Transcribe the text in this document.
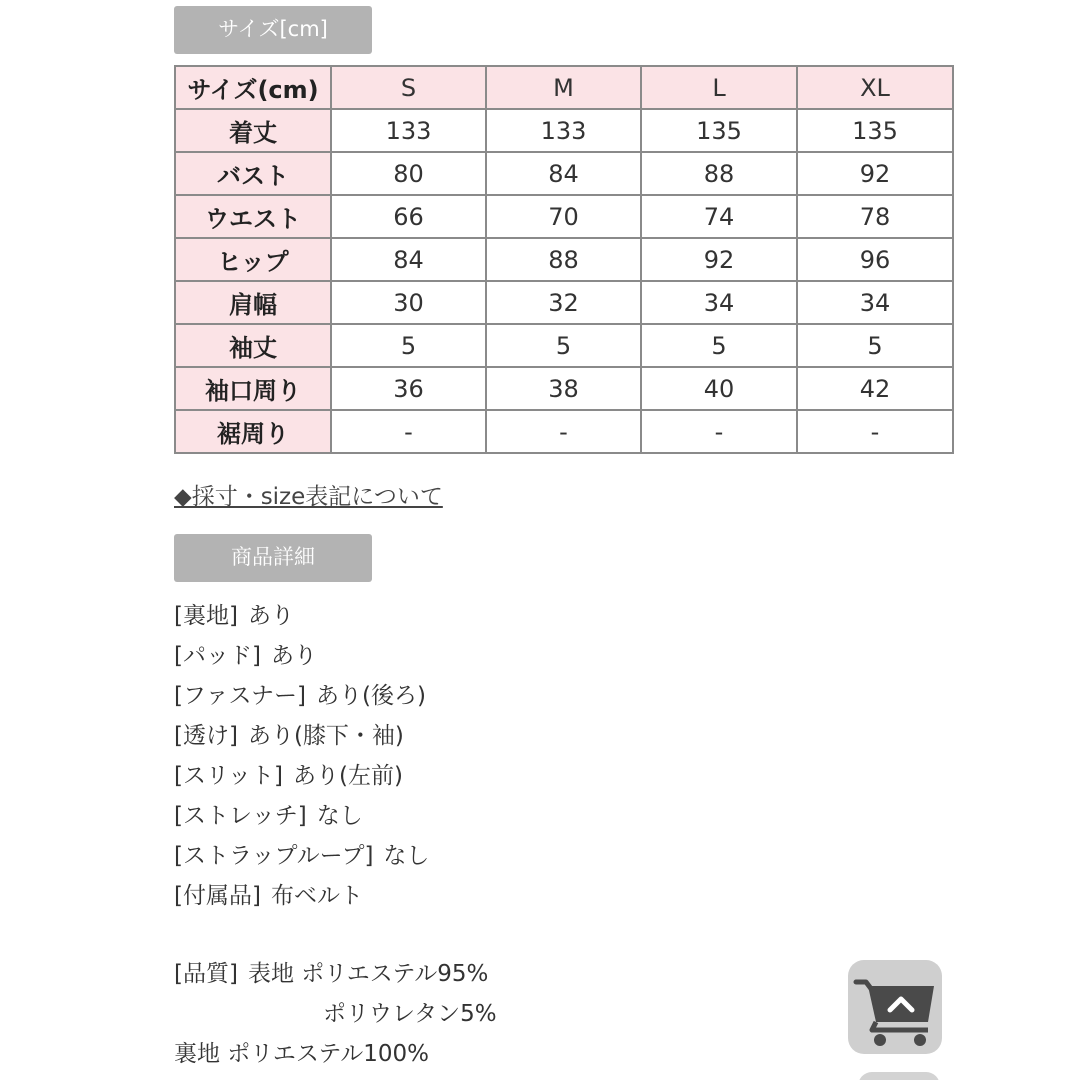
サイズ[cm]
サイズ(cm)	S	M	L	XL
着丈	133	133	135	135
バスト	80	84	88	92
ウエスト	66	70	74	78
ヒップ	84	88	92	96
肩幅	30	32	34	34
袖丈	5	5	5	5
袖口周り	36	38	40	42
裾周り	-	-	-	-
◆採寸・size表記について
商品詳細
[裏地] あり
[パッド] あり
[ファスナー] あり(後ろ)
[透け] あり(膝下・袖)
[スリット] あり(左前)
[ストレッチ] なし
[ストラップループ] なし
[付属品] 布ベルト
[品質] 表地 ポリエステル95%
ポリウレタン5%
裏地 ポリエステル100%
